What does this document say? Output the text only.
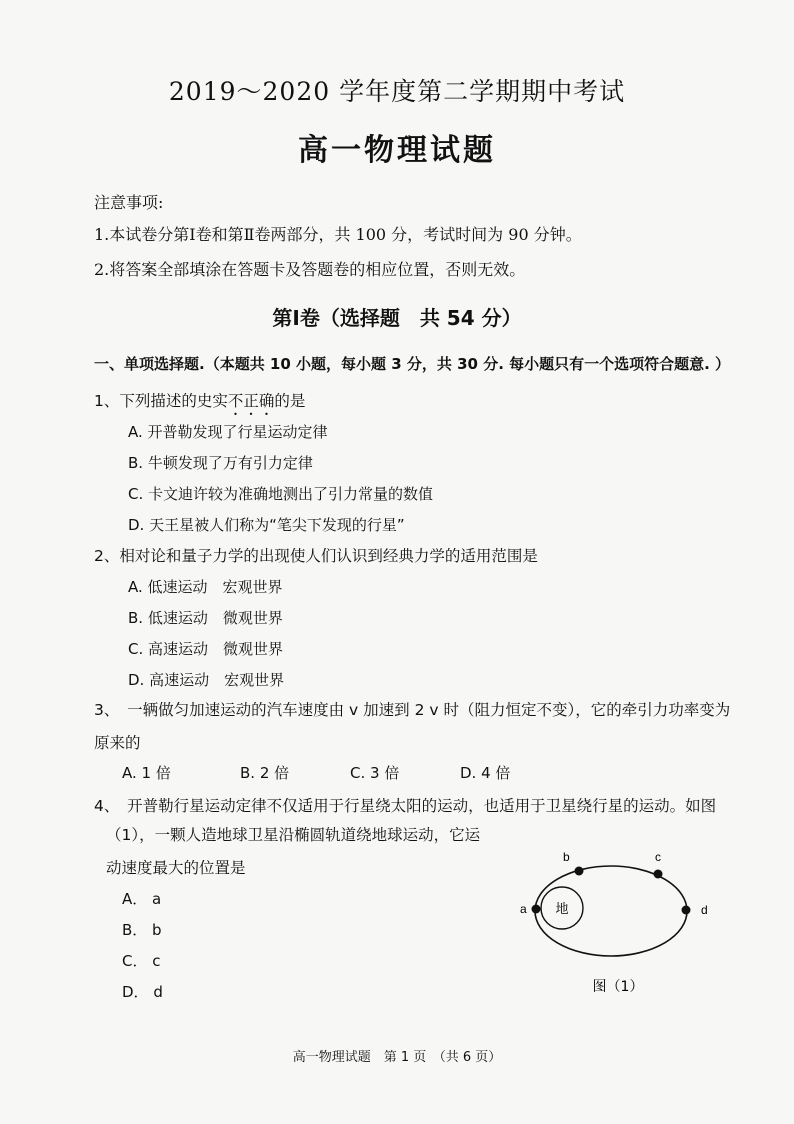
2019～2020 学年度第二学期期中考试
高一物理试题
注意事项:
1.本试卷分第Ⅰ卷和第Ⅱ卷两部分，共 100 分，考试时间为 90 分钟。
2.将答案全部填涂在答题卡及答题卷的相应位置，否则无效。
第Ⅰ卷（选择题　共 54 分）
一、单项选择题.（本题共 10 小题，每小题 3 分，共 30 分. 每小题只有一个选项符合题意. ）
1、下列描述的史实不正确的是
A. 开普勒发现了行星运动定律
B. 牛顿发现了万有引力定律
C. 卡文迪许较为准确地测出了引力常量的数值
D. 天王星被人们称为“笔尖下发现的行星”
2、相对论和量子力学的出现使人们认识到经典力学的适用范围是
A. 低速运动　宏观世界
B. 低速运动　微观世界
C. 高速运动　微观世界
D. 高速运动　宏观世界
3、　一辆做匀加速运动的汽车速度由 v 加速到 2 v 时（阻力恒定不变），它的牵引力功率变为
原来的
A. 1 倍	B. 2 倍	C. 3 倍	D. 4 倍
4、　开普勒行星运动定律不仅适用于行星绕太阳的运动，也适用于卫星绕行星的运动。如图
（1），一颗人造地球卫星沿椭圆轨道绕地球运动，它运
动速度最大的位置是
A． a
B． b
C． c
D． d
地
a
b	c
d
图（1）
高一物理试题　第 1 页　（共 6 页）
